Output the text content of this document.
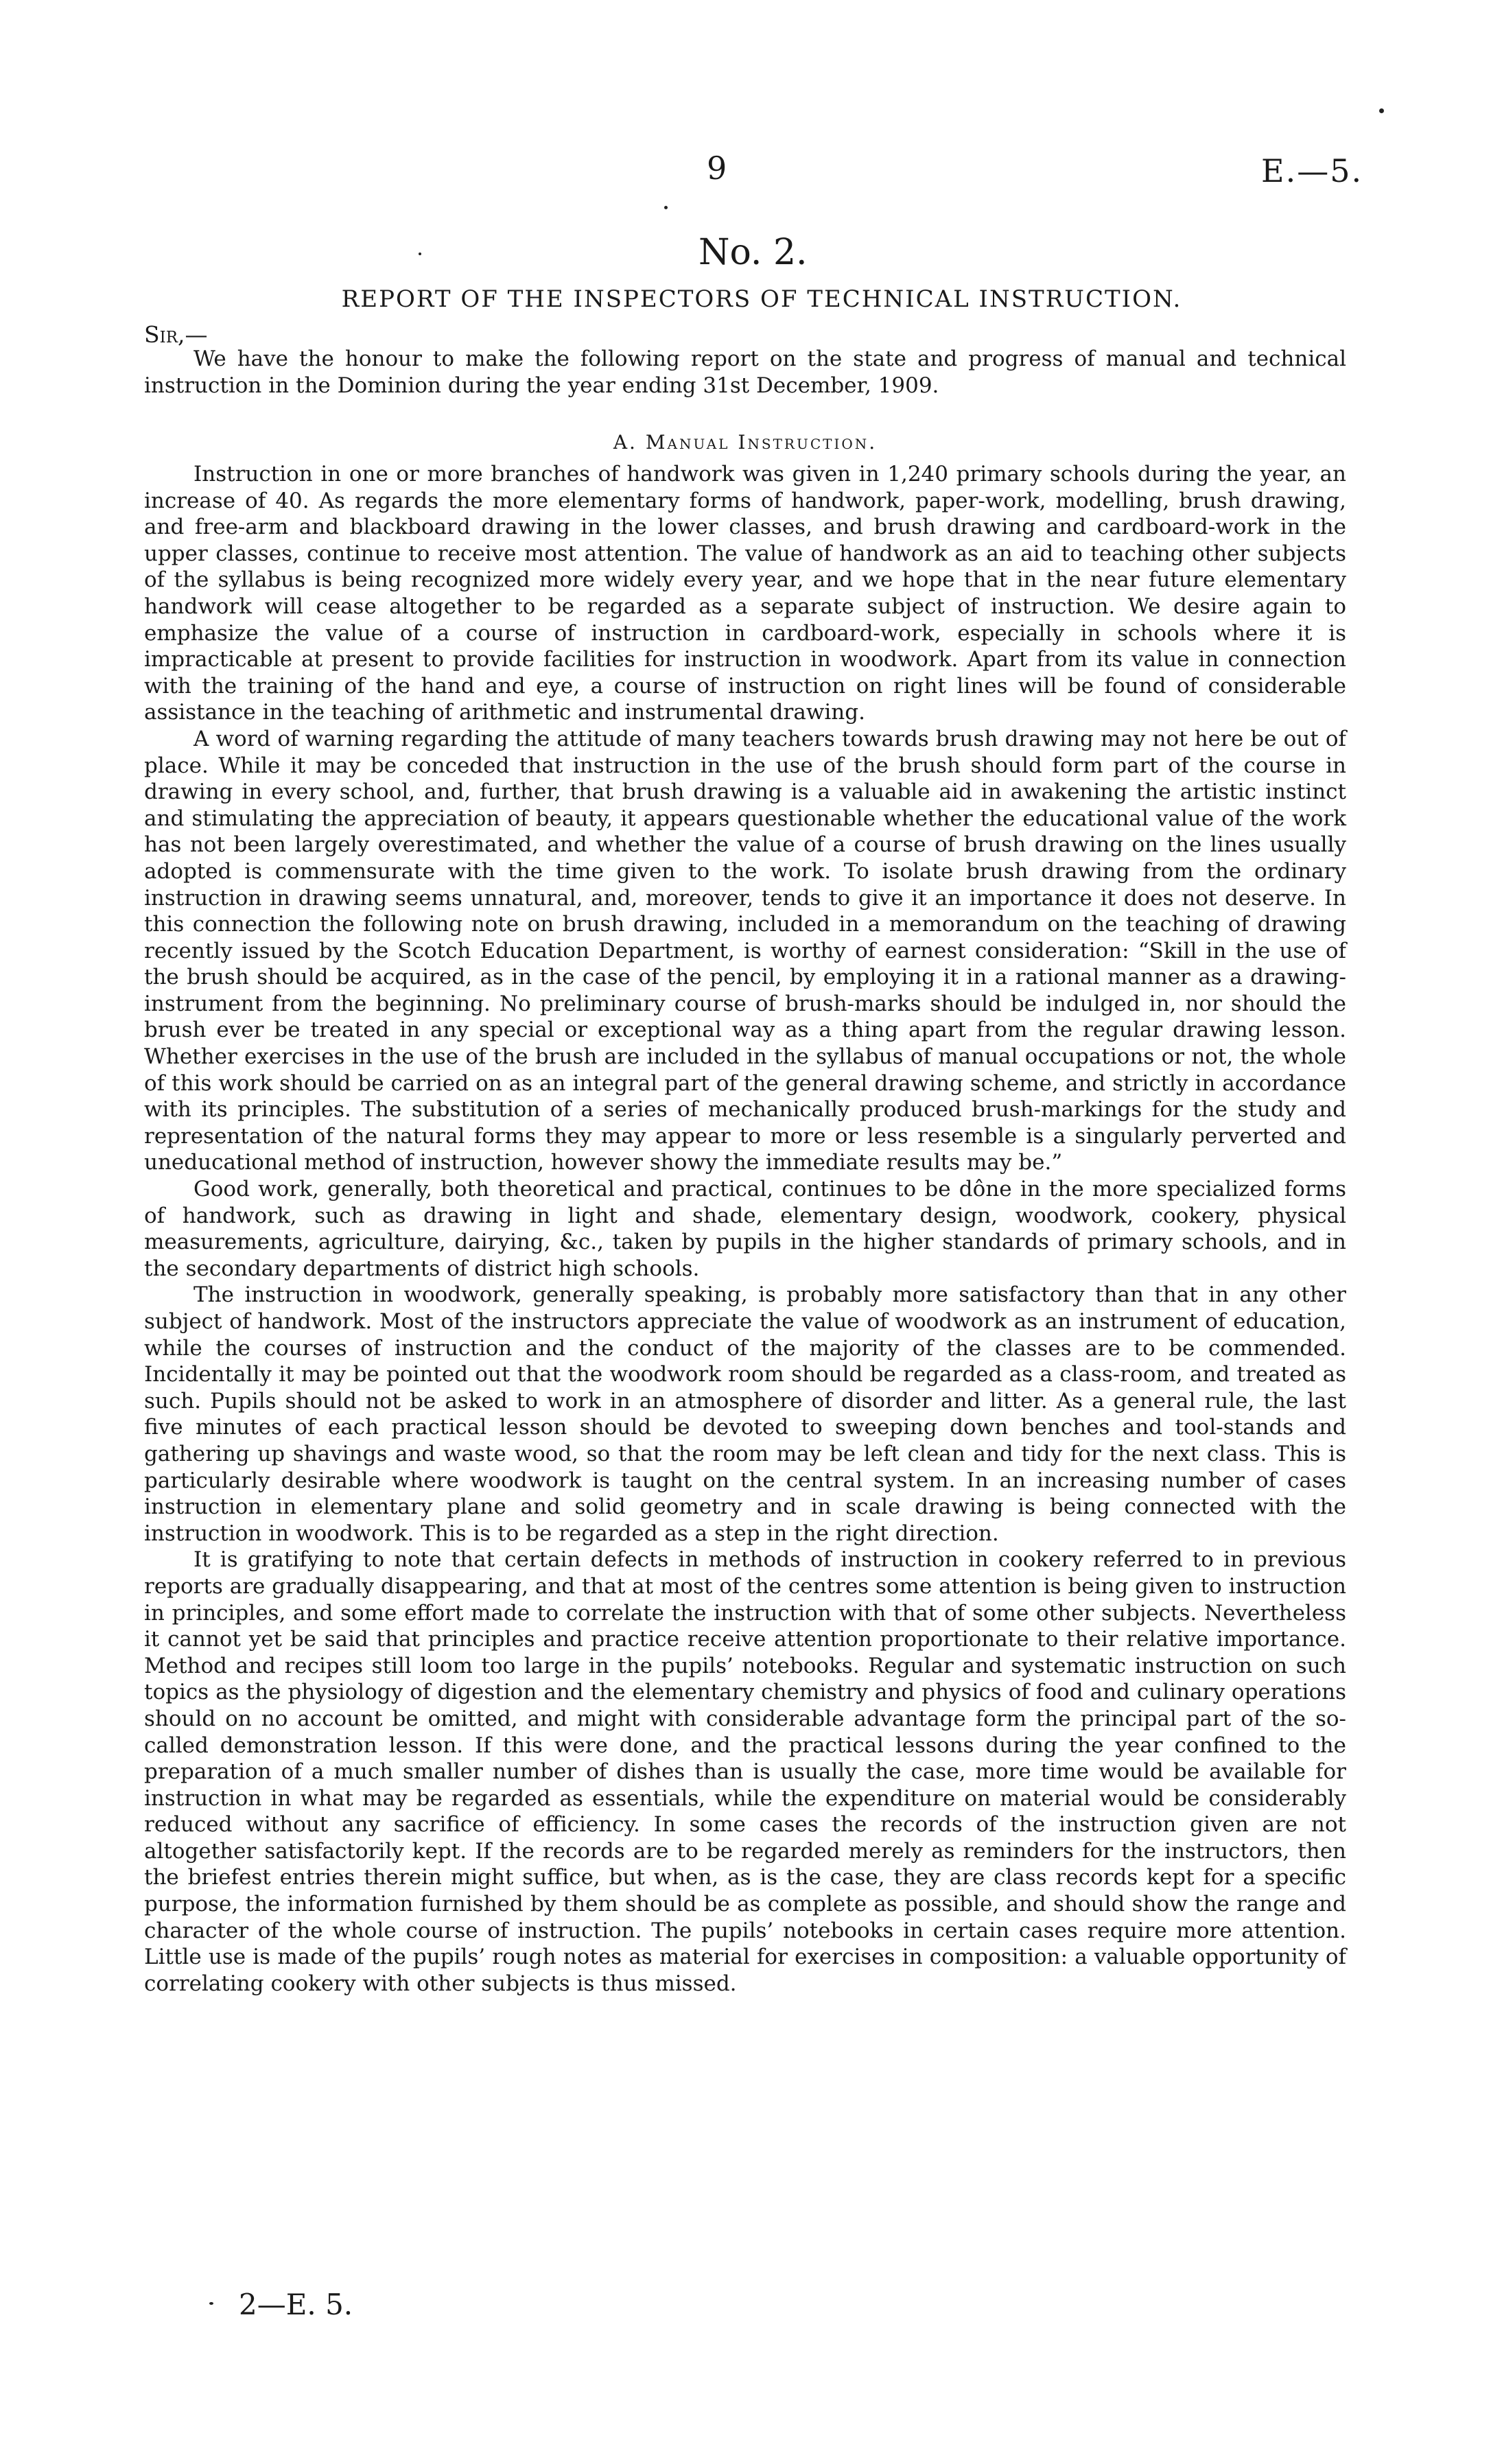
9	E.—5.
No. 2.
REPORT OF THE INSPECTORS OF TECHNICAL INSTRUCTION.
Sir,—

We have the honour to make the following report on the state and progress of manual and technical instruction in the Dominion during the year ending 31st December, 1909.

A. Manual Instruction.

Instruction in one or more branches of handwork was given in 1,240 primary schools during the year, an increase of 40. As regards the more elementary forms of handwork, paper-work, modelling, brush drawing, and free-arm and blackboard drawing in the lower classes, and brush drawing and cardboard-work in the upper classes, continue to receive most attention. The value of handwork as an aid to teaching other subjects of the syllabus is being recognized more widely every year, and we hope that in the near future elementary handwork will cease altogether to be regarded as a separate subject of instruction. We desire again to emphasize the value of a course of instruction in cardboard-work, especially in schools where it is impracticable at present to provide facilities for instruction in woodwork. Apart from its value in connection with the training of the hand and eye, a course of instruction on right lines will be found of considerable assistance in the teaching of arithmetic and instrumental drawing.

A word of warning regarding the attitude of many teachers towards brush drawing may not here be out of place. While it may be conceded that instruction in the use of the brush should form part of the course in drawing in every school, and, further, that brush drawing is a valuable aid in awakening the artistic instinct and stimulating the appreciation of beauty, it appears questionable whether the educational value of the work has not been largely overestimated, and whether the value of a course of brush drawing on the lines usually adopted is commensurate with the time given to the work. To isolate brush drawing from the ordinary instruction in drawing seems unnatural, and, moreover, tends to give it an importance it does not deserve. In this connection the following note on brush drawing, included in a memorandum on the teaching of drawing recently issued by the Scotch Education Department, is worthy of earnest consideration: “Skill in the use of the brush should be acquired, as in the case of the pencil, by employing it in a rational manner as a drawing-instrument from the beginning. No preliminary course of brush-marks should be indulged in, nor should the brush ever be treated in any special or exceptional way as a thing apart from the regular drawing lesson. Whether exercises in the use of the brush are included in the syllabus of manual occupations or not, the whole of this work should be carried on as an integral part of the general drawing scheme, and strictly in accordance with its principles. The substitution of a series of mechanically produced brush-markings for the study and representation of the natural forms they may appear to more or less resemble is a singularly perverted and uneducational method of instruction, however showy the immediate results may be.”

Good work, generally, both theoretical and practical, continues to be dône in the more specialized forms of handwork, such as drawing in light and shade, elementary design, woodwork, cookery, physical measurements, agriculture, dairying, &c., taken by pupils in the higher standards of primary schools, and in the secondary departments of district high schools.

The instruction in woodwork, generally speaking, is probably more satisfactory than that in any other subject of handwork. Most of the instructors appreciate the value of woodwork as an instrument of education, while the courses of instruction and the conduct of the majority of the classes are to be commended. Incidentally it may be pointed out that the woodwork room should be regarded as a class-room, and treated as such. Pupils should not be asked to work in an atmosphere of disorder and litter. As a general rule, the last five minutes of each practical lesson should be devoted to sweeping down benches and tool-stands and gathering up shavings and waste wood, so that the room may be left clean and tidy for the next class. This is particularly desirable where woodwork is taught on the central system. In an increasing number of cases instruction in elementary plane and solid geometry and in scale drawing is being connected with the instruction in woodwork. This is to be regarded as a step in the right direction.

It is gratifying to note that certain defects in methods of instruction in cookery referred to in previous reports are gradually disappearing, and that at most of the centres some attention is being given to instruction in principles, and some effort made to correlate the instruction with that of some other subjects. Nevertheless it cannot yet be said that principles and practice receive attention proportionate to their relative importance. Method and recipes still loom too large in the pupils’ notebooks. Regular and systematic instruction on such topics as the physiology of digestion and the elementary chemistry and physics of food and culinary operations should on no account be omitted, and might with considerable advantage form the principal part of the so-called demonstration lesson. If this were done, and the practical lessons during the year confined to the preparation of a much smaller number of dishes than is usually the case, more time would be available for instruction in what may be regarded as essentials, while the expenditure on material would be considerably reduced without any sacrifice of efficiency. In some cases the records of the instruction given are not altogether satisfactorily kept. If the records are to be regarded merely as reminders for the instructors, then the briefest entries therein might suffice, but when, as is the case, they are class records kept for a specific purpose, the information furnished by them should be as complete as possible, and should show the range and character of the whole course of instruction. The pupils’ notebooks in certain cases require more attention. Little use is made of the pupils’ rough notes as material for exercises in composition: a valuable opportunity of correlating cookery with other subjects is thus missed.

2—E. 5.
